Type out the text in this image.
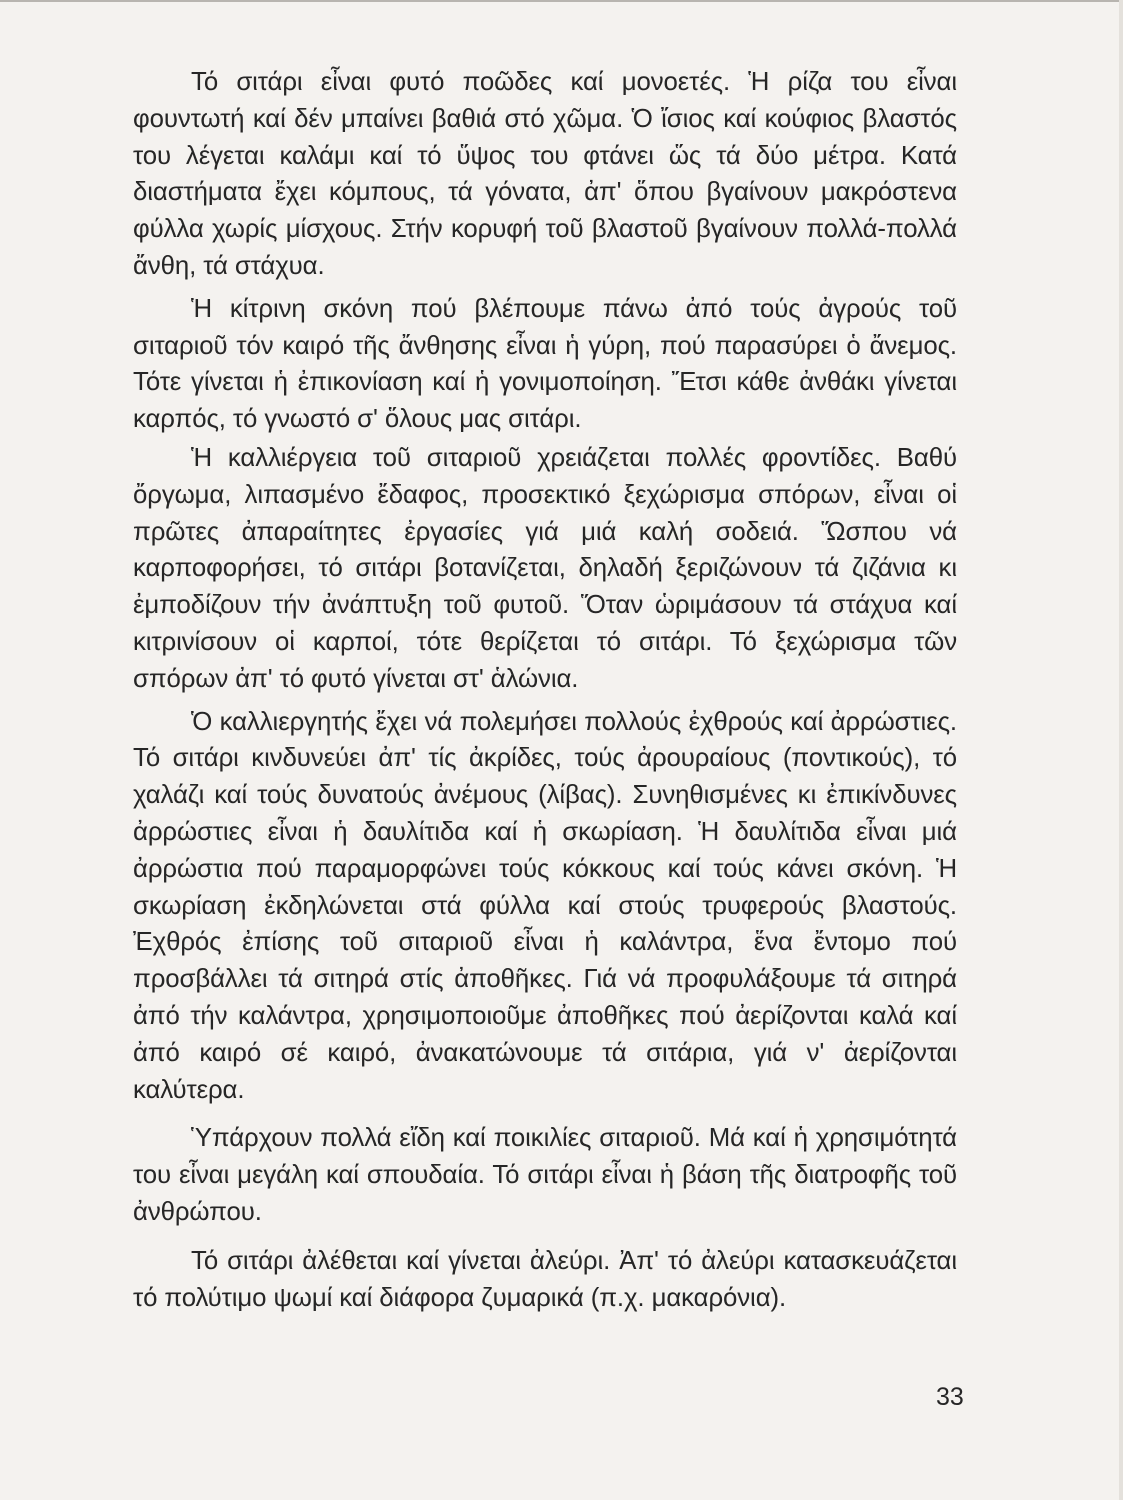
Τό σιτάρι εἶναι φυτό ποῶδες καί μονοετές. Ἡ ρίζα του εἶναι φουντωτή καί δέν μπαίνει βαθιά στό χῶμα. Ὁ ἴσιος καί κούφιος βλαστός του λέγεται καλάμι καί τό ὕψος του φτάνει ὥς τά δύο μέτρα. Κατά διαστήματα ἔχει κόμπους, τά γόνατα, ἀπ' ὅπου βγαίνουν μακρόστενα φύλλα χωρίς μίσχους. Στήν κορυφή τοῦ βλαστοῦ βγαίνουν πολλά-πολλά ἄνθη, τά στάχυα.

Ἡ κίτρινη σκόνη πού βλέπουμε πάνω ἀπό τούς ἀγρούς τοῦ σιταριοῦ τόν καιρό τῆς ἄνθησης εἶναι ἡ γύρη, πού παρασύρει ὁ ἄνεμος. Τότε γίνεται ἡ ἐπικονίαση καί ἡ γονιμοποίηση. Ἔτσι κάθε ἀνθάκι γίνεται καρπός, τό γνωστό σ' ὅλους μας σιτάρι.

Ἡ καλλιέργεια τοῦ σιταριοῦ χρειάζεται πολλές φροντίδες. Βαθύ ὄργωμα, λιπασμένο ἔδαφος, προσεκτικό ξεχώρισμα σπόρων, εἶναι οἱ πρῶτες ἀπαραίτητες ἐργασίες γιά μιά καλή σοδειά. Ὥσπου νά καρποφορήσει, τό σιτάρι βοτανίζεται, δηλαδή ξεριζώνουν τά ζιζάνια κι ἐμποδίζουν τήν ἀνάπτυξη τοῦ φυτοῦ. Ὅταν ὡριμάσουν τά στάχυα καί κιτρινίσουν οἱ καρποί, τότε θερίζεται τό σιτάρι. Τό ξεχώρισμα τῶν σπόρων ἀπ' τό φυτό γίνεται στ' ἁλώνια.

Ὁ καλλιεργητής ἔχει νά πολεμήσει πολλούς ἐχθρούς καί ἀρρώστιες. Τό σιτάρι κινδυνεύει ἀπ' τίς ἀκρίδες, τούς ἀρουραίους (ποντικούς), τό χαλάζι καί τούς δυνατούς ἀνέμους (λίβας). Συνηθισμένες κι ἐπικίνδυνες ἀρρώστιες εἶναι ἡ δαυλίτιδα καί ἡ σκωρίαση. Ἡ δαυλίτιδα εἶναι μιά ἀρρώστια πού παραμορφώνει τούς κόκκους καί τούς κάνει σκόνη. Ἡ σκωρίαση ἐκδηλώνεται στά φύλλα καί στούς τρυφερούς βλαστούς. Ἐχθρός ἐπίσης τοῦ σιταριοῦ εἶναι ἡ καλάντρα, ἕνα ἔντομο πού προσβάλλει τά σιτηρά στίς ἀποθῆκες. Γιά νά προφυλάξουμε τά σιτηρά ἀπό τήν καλάντρα, χρησιμοποιοῦμε ἀποθῆκες πού ἀερίζονται καλά καί ἀπό καιρό σέ καιρό, ἀνακατώνουμε τά σιτάρια, γιά ν' ἀερίζονται καλύτερα.

Ὑπάρχουν πολλά εἴδη καί ποικιλίες σιταριοῦ. Μά καί ἡ χρησιμότητά του εἶναι μεγάλη καί σπουδαία. Τό σιτάρι εἶναι ἡ βάση τῆς διατροφῆς τοῦ ἀνθρώπου.

Τό σιτάρι ἀλέθεται καί γίνεται ἀλεύρι. Ἀπ' τό ἀλεύρι κατασκευάζεται τό πολύτιμο ψωμί καί διάφορα ζυμαρικά (π.χ. μακαρόνια).

33
